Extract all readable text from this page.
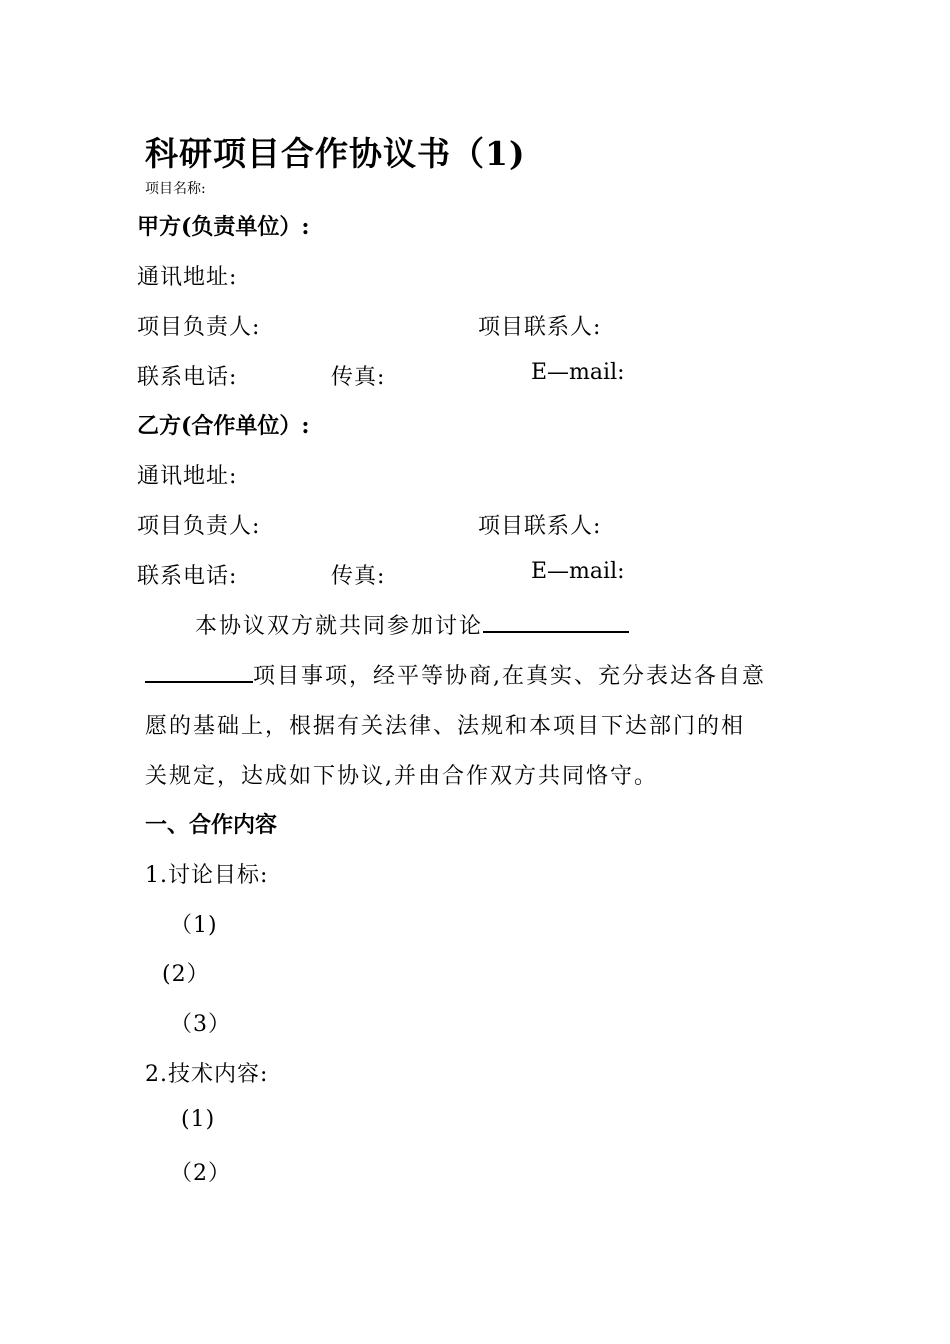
科研项目合作协议书（1)
项目名称:
甲方(负责单位）:
通讯地址:
项目负责人:	项目联系人:
联系电话:	传真:	E—mail:
乙方(合作单位）:
通讯地址:
项目负责人:	项目联系人:
联系电话:	传真:	E—mail:
本协议双方就共同参加讨论
项目事项，经平等协商,在真实、充分表达各自意
愿的基础上，根据有关法律、法规和本项目下达部门的相
关规定，达成如下协议,并由合作双方共同恪守。
一、合作内容
1.讨论目标:
（1)
(2）
（3）
2.技术内容:
(1)
（2）
